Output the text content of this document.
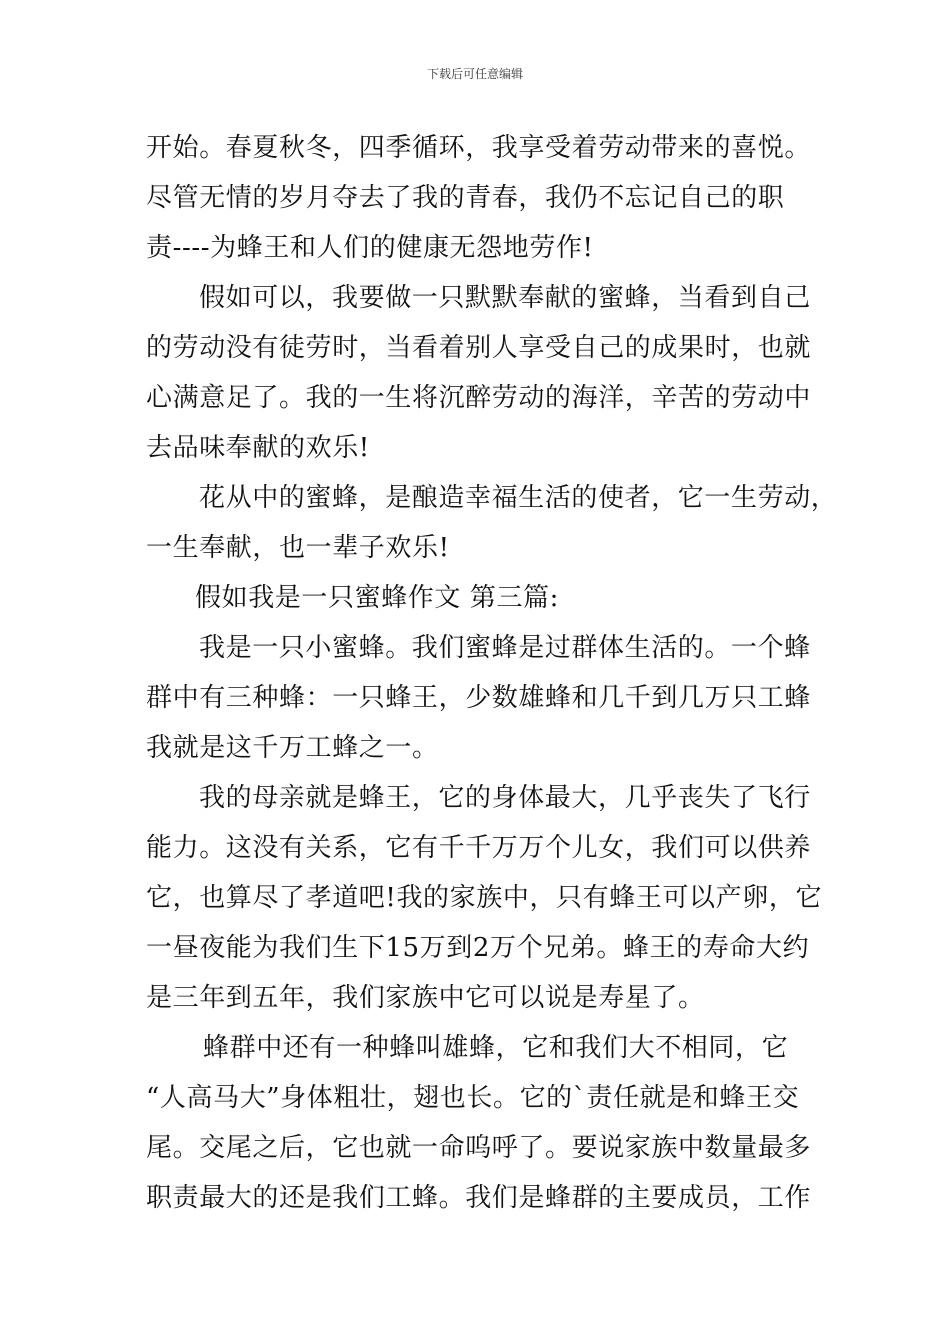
下载后可任意编辑
开始。春夏秋冬，四季循环，我享受着劳动带来的喜悦。
尽管无情的岁月夺去了我的青春，我仍不忘记自己的职
责----为蜂王和人们的健康无怨地劳作!
假如可以，我要做一只默默奉献的蜜蜂，当看到自己
的劳动没有徒劳时，当看着别人享受自己的成果时，也就
心满意足了。我的一生将沉醉劳动的海洋，辛苦的劳动中
去品味奉献的欢乐!
花从中的蜜蜂，是酿造幸福生活的使者，它一生劳动，
一生奉献，也一辈子欢乐!
假如我是一只蜜蜂作文 第三篇:
我是一只小蜜蜂。我们蜜蜂是过群体生活的。一个蜂
群中有三种蜂：一只蜂王，少数雄蜂和几千到几万只工蜂
我就是这千万工蜂之一。
我的母亲就是蜂王，它的身体最大，几乎丧失了飞行
能力。这没有关系，它有千千万万个儿女，我们可以供养
它，也算尽了孝道吧!我的家族中，只有蜂王可以产卵，它
一昼夜能为我们生下15万到2万个兄弟。蜂王的寿命大约
是三年到五年，我们家族中它可以说是寿星了。
蜂群中还有一种蜂叫雄蜂，它和我们大不相同，它
“人高马大”身体粗壮，翅也长。它的`责任就是和蜂王交
尾。交尾之后，它也就一命呜呼了。要说家族中数量最多
职责最大的还是我们工蜂。我们是蜂群的主要成员，工作
